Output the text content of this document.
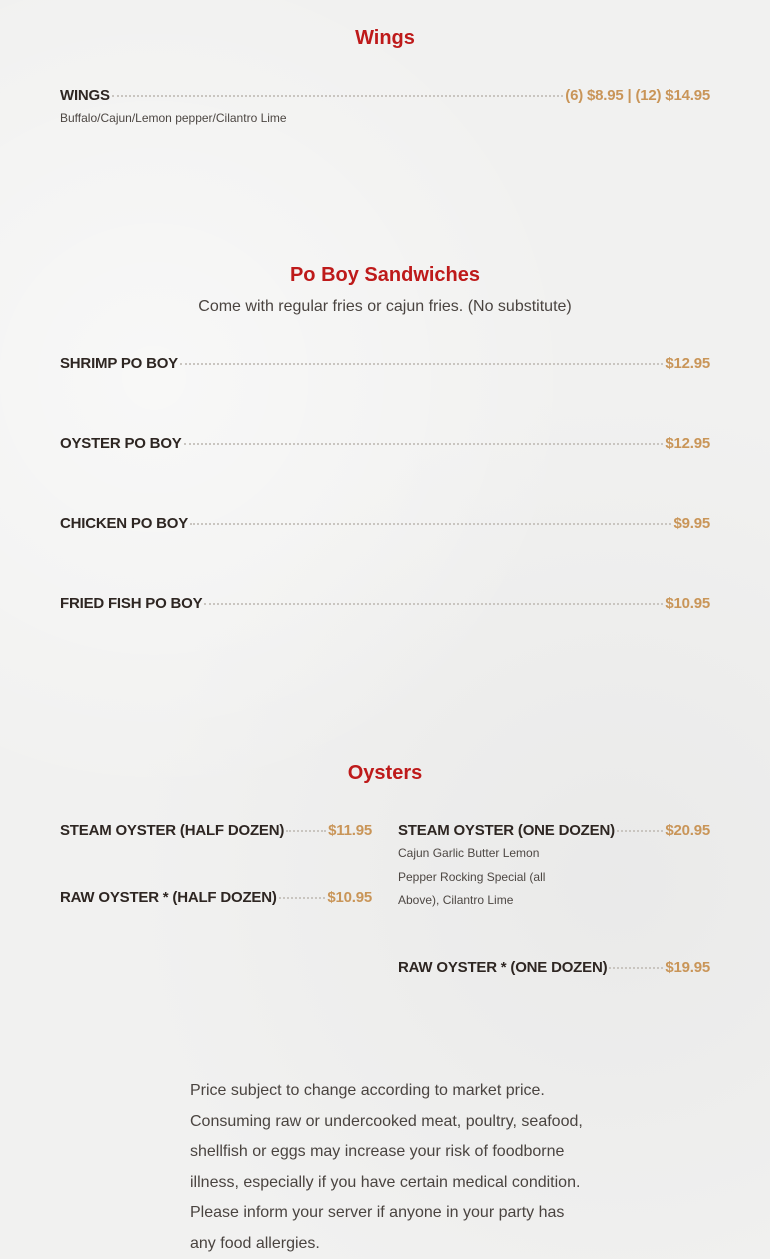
Wings
WINGS	(6) $8.95 | (12) $14.95
Buffalo/Cajun/Lemon pepper/Cilantro Lime
Po Boy Sandwiches
Come with regular fries or cajun fries. (No substitute)
SHRIMP PO BOY	$12.95
OYSTER PO BOY	$12.95
CHICKEN PO BOY	$9.95
FRIED FISH PO BOY	$10.95
Oysters
STEAM OYSTER (HALF DOZEN)	$11.95 STEAM OYSTER (ONE DOZEN)	$20.95
Cajun Garlic Butter Lemon Pepper Rocking Special (all Above), Cilantro Lime
RAW OYSTER * (HALF DOZEN)	$10.95
RAW OYSTER * (ONE DOZEN)	$19.95
Price subject to change according to market price. Consuming raw or undercooked meat, poultry, seafood, shellfish or eggs may increase your risk of foodborne illness, especially if you have certain medical condition. Please inform your server if anyone in your party has any food allergies.
